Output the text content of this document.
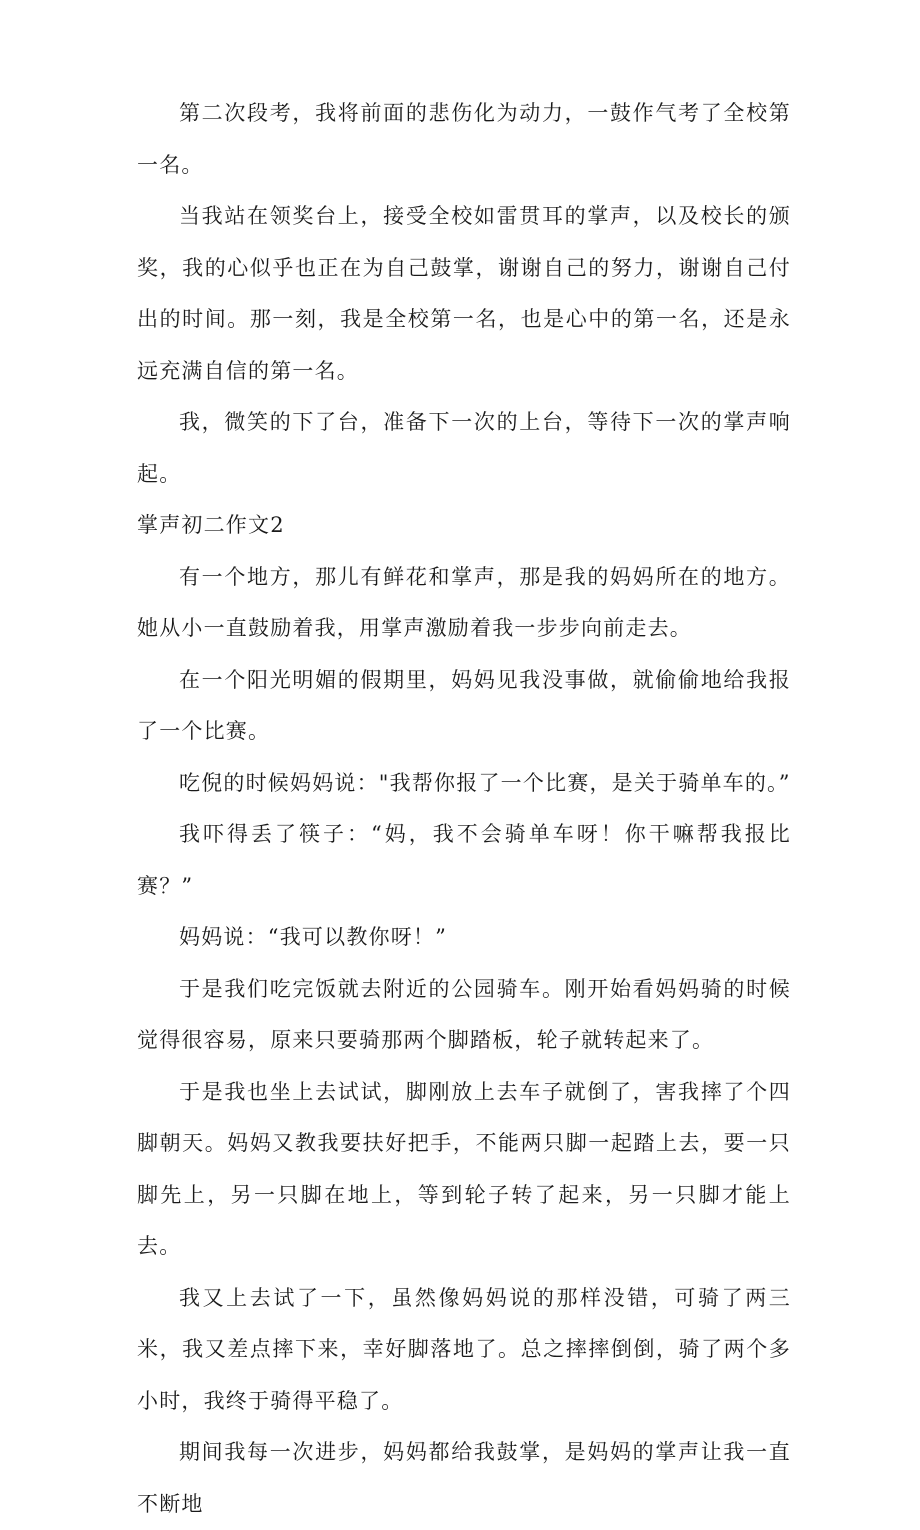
第二次段考，我将前面的悲伤化为动力，一鼓作气考了全校第一名。

当我站在领奖台上，接受全校如雷贯耳的掌声，以及校长的颁奖，我的心似乎也正在为自己鼓掌，谢谢自己的努力，谢谢自己付出的时间。那一刻，我是全校第一名，也是心中的第一名，还是永远充满自信的第一名。

我，微笑的下了台，准备下一次的上台，等待下一次的掌声响起。

掌声初二作文2

有一个地方，那儿有鲜花和掌声，那是我的妈妈所在的地方。她从小一直鼓励着我，用掌声激励着我一步步向前走去。

在一个阳光明媚的假期里，妈妈见我没事做，就偷偷地给我报了一个比赛。

吃倪的时候妈妈说："我帮你报了一个比赛，是关于骑单车的。”

我吓得丢了筷子：“妈，我不会骑单车呀！你干嘛帮我报比赛？”

妈妈说：“我可以教你呀！”

于是我们吃完饭就去附近的公园骑车。刚开始看妈妈骑的时候觉得很容易，原来只要骑那两个脚踏板，轮子就转起来了。

于是我也坐上去试试，脚刚放上去车子就倒了，害我摔了个四脚朝天。妈妈又教我要扶好把手，不能两只脚一起踏上去，要一只脚先上，另一只脚在地上，等到轮子转了起来，另一只脚才能上去。

我又上去试了一下，虽然像妈妈说的那样没错，可骑了两三米，我又差点摔下来，幸好脚落地了。总之摔摔倒倒，骑了两个多小时，我终于骑得平稳了。

期间我每一次进步，妈妈都给我鼓掌，是妈妈的掌声让我一直不断地
